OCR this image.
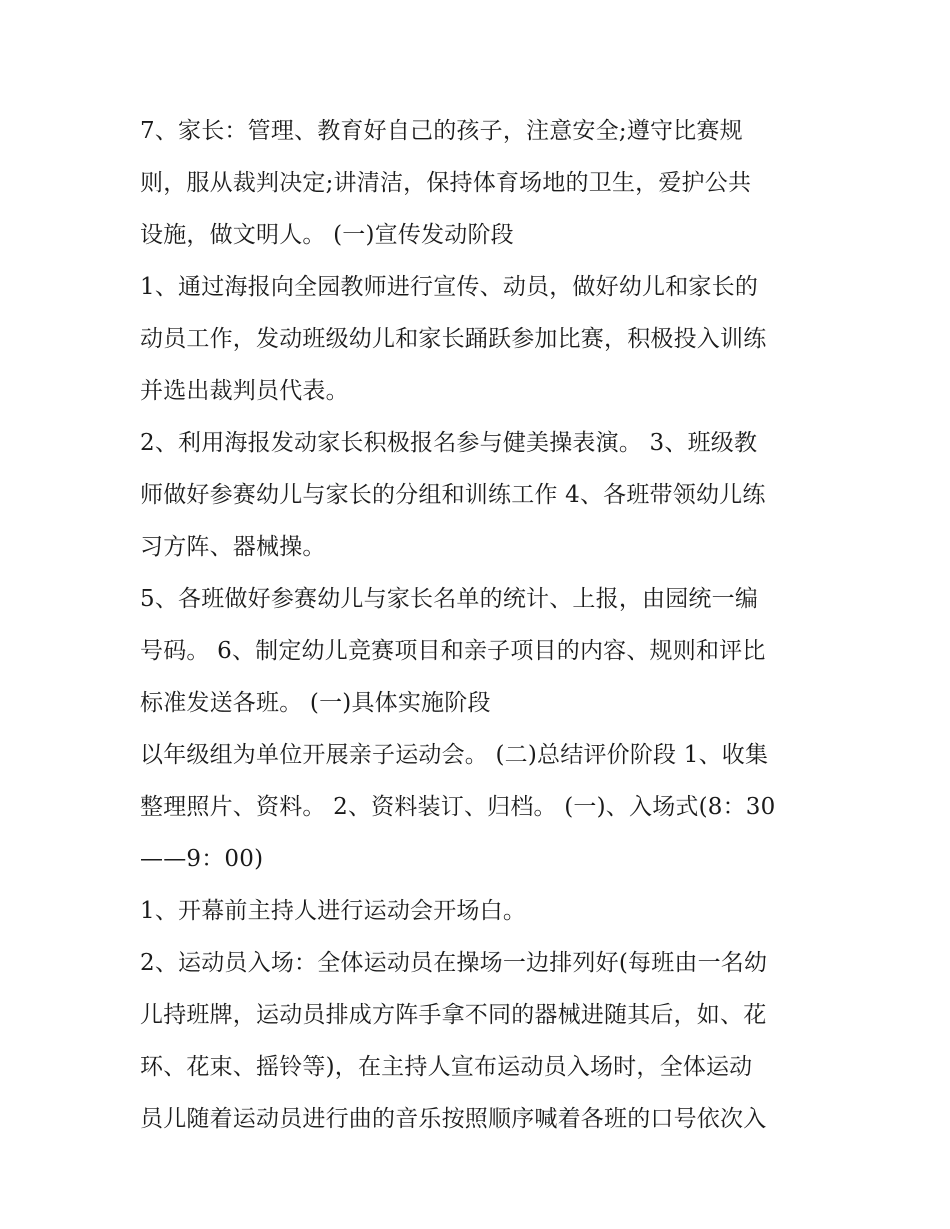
7、家长：管理、教育好自己的孩子，注意安全;遵守比赛规
则，服从裁判决定;讲清洁，保持体育场地的卫生，爱护公共
设施，做文明人。 (一)宣传发动阶段
1、通过海报向全园教师进行宣传、动员，做好幼儿和家长的
动员工作，发动班级幼儿和家长踊跃参加比赛，积极投入训练
并选出裁判员代表。
2、利用海报发动家长积极报名参与健美操表演。 3、班级教
师做好参赛幼儿与家长的分组和训练工作 4、各班带领幼儿练
习方阵、器械操。
5、各班做好参赛幼儿与家长名单的统计、上报，由园统一编
号码。 6、制定幼儿竞赛项目和亲子项目的内容、规则和评比
标准发送各班。 (一)具体实施阶段
以年级组为单位开展亲子运动会。 (二)总结评价阶段 1、收集
整理照片、资料。 2、资料装订、归档。 (一)、入场式(8：30
——9：00)
1、开幕前主持人进行运动会开场白。
2、运动员入场：全体运动员在操场一边排列好(每班由一名幼
儿持班牌，运动员排成方阵手拿不同的器械进随其后，如、花
环、花束、摇铃等)，在主持人宣布运动员入场时，全体运动
员儿随着运动员进行曲的音乐按照顺序喊着各班的口号依次入
